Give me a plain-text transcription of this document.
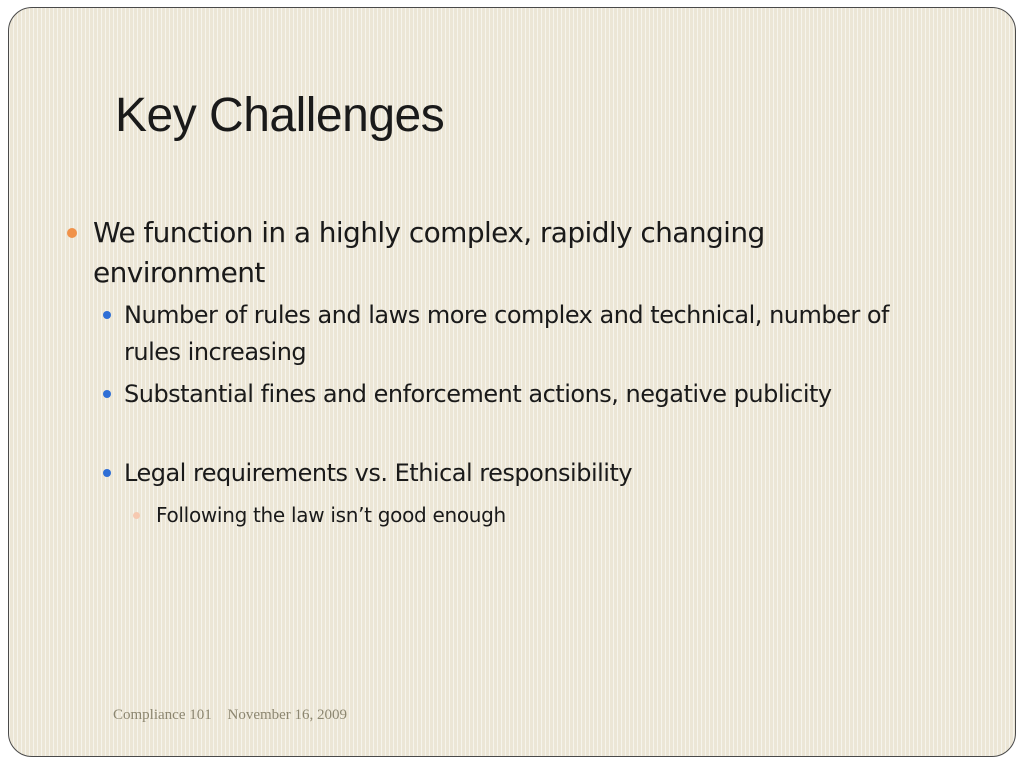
Key Challenges
We function in a highly complex, rapidly changing environment
Number of rules and laws more complex and technical, number of rules increasing
Substantial fines and enforcement actions, negative publicity
Legal requirements vs. Ethical responsibility
Following the law isn’t good enough
Compliance 101 November 16, 2009
